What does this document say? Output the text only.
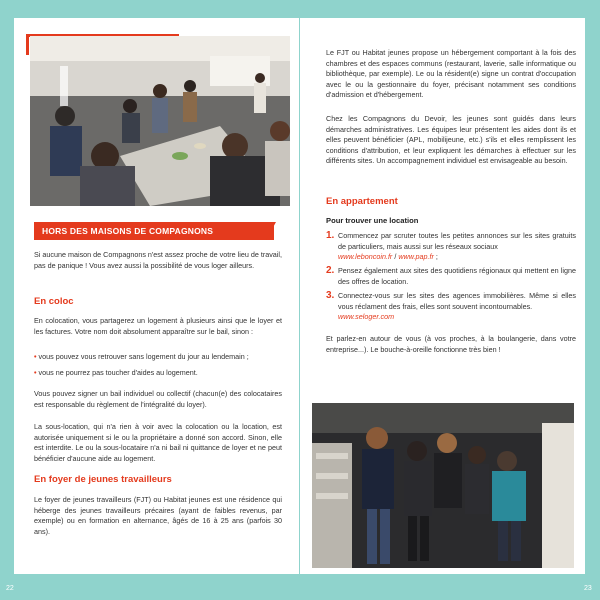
HORS DES MAISONS DE COMPAGNONS
Si aucune maison de Compagnons n'est assez proche de votre lieu de travail, pas de panique ! Vous avez aussi la possibilité de vous loger ailleurs.
En coloc
En colocation, vous partagerez un logement à plusieurs ainsi que le loyer et les factures. Votre nom doit absolument apparaître sur le bail, sinon :
• vous pouvez vous retrouver sans logement du jour au lendemain ;
• vous ne pourrez pas toucher d'aides au logement.
Vous pouvez signer un bail individuel ou collectif (chacun(e) des colocataires est responsable du règlement de l'intégralité du loyer).
La sous-location, qui n'a rien à voir avec la colocation ou la location, est autorisée uniquement si le ou la propriétaire a donné son accord. Sinon, elle est interdite. Le ou la sous-locataire n'a ni bail ni quittance de loyer et ne peut bénéficier d'aucune aide au logement.
En foyer de jeunes travailleurs
Le foyer de jeunes travailleurs (FJT) ou Habitat jeunes est une résidence qui héberge des jeunes travailleurs précaires (ayant de faibles revenus, par exemple) ou en formation en alternance, âgés de 16 à 25 ans (parfois 30 ans).
Le FJT ou Habitat jeunes propose un hébergement comportant à la fois des chambres et des espaces communs (restaurant, laverie, salle informatique ou bibliothèque, par exemple). Le ou la résident(e) signe un contrat d'occupation avec le ou la gestionnaire du foyer, précisant notamment ses conditions d'admission et d'hébergement.
Chez les Compagnons du Devoir, les jeunes sont guidés dans leurs démarches administratives. Les équipes leur présentent les aides dont ils et elles peuvent bénéficier (APL, mobilijeune, etc.) s'ils et elles remplissent les conditions d'attribution, et leur expliquent les démarches à effectuer sur les différents sites. Un accompagnement individuel est envisageable au besoin.
En appartement
Pour trouver une location
1. Commencez par scruter toutes les petites annonces sur les sites gratuits de particuliers, mais aussi sur les réseaux sociaux
www.leboncoin.fr / www.pap.fr ;
2. Pensez également aux sites des quotidiens régionaux qui mettent en ligne des offres de location.
3. Connectez-vous sur les sites des agences immobilières. Même si elles vous réclament des frais, elles sont souvent incontournables.
www.seloger.com
Et parlez-en autour de vous (à vos proches, à la boulangerie, dans votre entreprise...). Le bouche-à-oreille fonctionne très bien !
22	23
